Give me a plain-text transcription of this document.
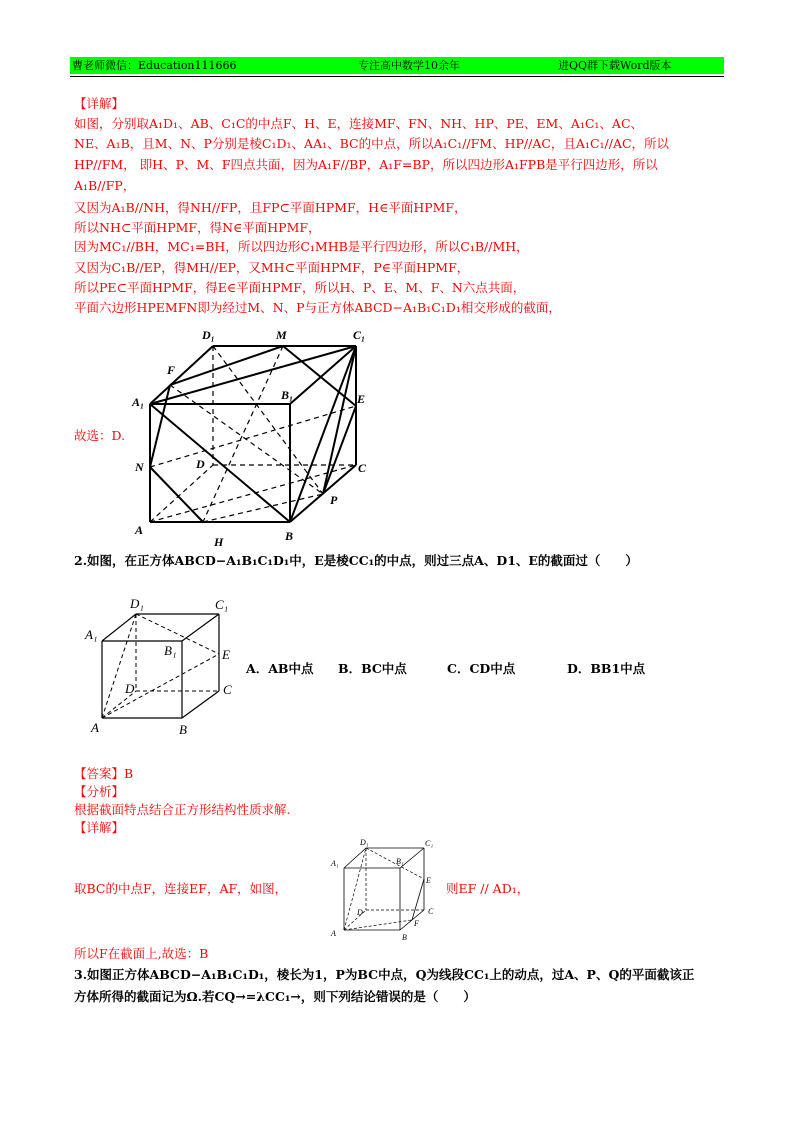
曹老师微信：Education111666	专注高中数学10余年	进QQ群下载Word版本
【详解】
如图，分别取A₁D₁、AB、C₁C的中点F、H、E，连接MF、FN、NH、HP、PE、EM、A₁C₁、AC、
NE、A₁B，且M、N、P分别是棱C₁D₁、AA₁、BC的中点，所以A₁C₁//FM、HP//AC，且A₁C₁//AC，所以
HP//FM， 即H、P、M、F四点共面，因为A₁F//BP，A₁F=BP，所以四边形A₁FPB是平行四边形，所以
A₁B//FP，
又因为A₁B//NH，得NH//FP，且FP⊂平面HPMF，H∈平面HPMF，
所以NH⊂平面HPMF，得N∈平面HPMF，
因为MC₁//BH，MC₁=BH，所以四边形C₁MHB是平行四边形，所以C₁B//MH，
又因为C₁B//EP，得MH//EP，又MH⊂平面HPMF，P∈平面HPMF，
所以PE⊂平面HPMF，得E∈平面HPMF，所以H、P、E、M、F、N六点共面，
平面六边形HPEMFN即为经过M、N、P与正方体ABCD−A₁B₁C₁D₁相交形成的截面，
故选：D.
D₁	M	C₁
F
A₁	B₁	E
N	D	C
P
A
H	B
2.如图，在正方体ABCD−A₁B₁C₁D₁中，E是棱CC₁的中点，则过三点A、D1、E的截面过（　　）
D₁	C₁
A₁
B₁	E
D	C
A	B
A．AB中点 B．BC中点	C．CD中点	D．BB1中点
【答案】B
【分析】
根据截面特点结合正方形结构性质求解.
【详解】
取BC的中点F，连接EF，AF，如图，
D₁	C₁
A₁	B₁
E
D	C
F
A	B
则EF // AD₁，
所以F在截面上,故选：B
3.如图正方体ABCD−A₁B₁C₁D₁，棱长为1，P为BC中点，Q为线段CC₁上的动点，过A、P、Q的平面截该正
方体所得的截面记为Ω.若CQ→=λCC₁→，则下列结论错误的是（　　）
